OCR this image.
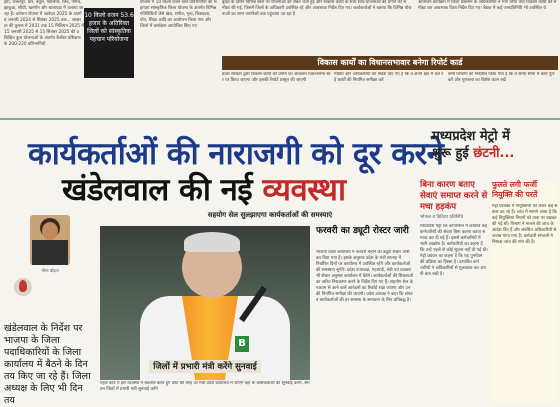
हटी, जबलपुर, धार, बैतूल, ग्वालियर, छिंद, नीमच, झाबुआ, सीधी, खरगोन और बालाघाट में चलाया जा रहा है। वर्तमान योजना में आवेदन 2025 के अंतर्गत जनवरी 2024 से सितंबर 2025 तक... साक्षरता की तुलना में 2031 तक 15 मिलियन 2025 में 15 जनवरी 2025 से 15 सितंबर 2025 की प्रशिक्षित कुल योजनाओं के अंतर्गत कैलेंडर प्रशिक्षण के 200-220 प्रतिभागियों
10 किलो वजन 53.6 हजार के अतिरिक्त जिलों को सांस्कृतिक पहचान परियोजना
योजना में 10 किलो वजन वाले प्रतिभागियों को सहायता सांस्कृतिक जिला योजना के अंतर्गत विभिन्न गतिविधियों जैसे खेल, संगीत, नृत्य, चित्रकला, योग, शिक्षा आदि का आयोजन किया गया और जिलों में कार्यक्रम आयोजित किए गए
बुंदेल के दौरान विभिन्न स्तरों पर योजनाओं को लेकर चर्चा हुई और विकास कार्यों के साथ साथ योजनाओं की प्रगति की समीक्षा की गई, जिसमें जिलों के अधिकारी उपस्थित रहे और आवश्यक निर्देश दिए गए। कार्यकर्ताओं ने बताया कि विभिन्न योजनाओं का लाभ नागरिकों तक पहुंचाया जा रहा है
आयोजन कार्यक्रम में जिला प्रशासन के अधिकारियों ने भाग लिया तथा विकास कार्यों की समीक्षा कर आवश्यक दिशा निर्देश दिए गए। बैठक में कई जनप्रतिनिधि भी उपस्थित थे
विकास कार्यों का विधानसभावार बनेगा रिपोर्ट कार्ड
प्रदेश सरकार द्वारा विकास कार्यों की प्रगति का आकलन विधानसभा स्तर पर किया जाएगा और इसकी रिपोर्ट प्रस्तुत की जाएगी
मंत्रियों और अधिकारियों को निर्देश दिए गए हैं कि वे अपने क्षेत्र में चल रहे कार्यों की नियमित समीक्षा करें
सभी विभागों को निर्देशित किया गया है कि वे समय सीमा में कार्य पूर्ण करें और गुणवत्ता का विशेष ध्यान रखें
कार्यकर्ताओं की नाराजगी को दूर करने
खंडेलवाल की नई व्यवस्था
मध्यप्रदेश मेट्रो में
शुरू हुई छंटनी...
सहयोग सेल सुलझाएगा कार्यकर्ताओं की समस्याएं
भीमा चौहान
खंडेलवाल के निर्देश पर भाजपा के जिला पदाधिकारियों के जिला कार्यालय में बैठने के दिन तय किए जा रहे हैं। जिला अध्यक्ष के लिए भी दिन तय
B
जिलों में प्रभारी मंत्री करेंगे सुनवाई
पहले कोर्ट में इस व्यवस्था में बदलाव करते हुए कोर्ट की तरह जो मंत्री प्रदेश कार्यालय में जाएंगे वहां के कार्यकर्ताओं की सुनवाई करेंगे, संगठन जिलों में प्रभारी मंत्री सुनवाई करेंगे
फरवरी का ड्यूटी रोस्टर जारी
भाजपा प्रदेश कार्यालय में फरवरी महीने का ड्यूटी रोस्टर जारी कर दिया गया है। इसके अनुसार प्रदेश के मंत्री सप्ताह में निर्धारित दिनों पर कार्यालय में उपस्थित रहेंगे और कार्यकर्ताओं की समस्याएं सुनेंगे। प्रदेश उपाध्यक्ष, महामंत्री, मंत्री एवं प्रवक्ता भी रोस्टर अनुसार कार्यालय में बैठेंगे। कार्यकर्ताओं की शिकायतों का त्वरित निराकरण करने के निर्देश दिए गए हैं। सहयोग सेल के माध्यम से आने वाले आवेदनों का रिकॉर्ड रखा जाएगा और उनकी नियमित समीक्षा की जाएगी। प्रदेश अध्यक्ष ने कहा कि संगठन कार्यकर्ताओं की हर समस्या के समाधान के लिए प्रतिबद्ध है।
बिना कारण बताए सेवाएं समाप्त करने से मचा हड़कंप
भोपाल व विदिशा प्रतिनिधि
मध्यप्रदेश मेट्रो रेल कॉर्पोरेशन में कार्यरत कई कर्मचारियों की सेवाएं बिना कारण बताए समाप्त कर दी गई हैं। इससे कर्मचारियों में भारी आक्रोश है। कर्मचारियों का कहना है कि उन्हें पहले से कोई सूचना नहीं दी गई थी। मेट्रो प्रबंधन का कहना है कि यह पुनर्गठन की प्रक्रिया का हिस्सा है। प्रभावित कर्मचारियों ने अधिकारियों से मुलाकात कर अपनी बात रखी है।
फुलते लगी फर्जी नियुक्ति की परतें
मेट्रो प्रोजेक्ट में नियुक्तियों को लेकर कई सवाल उठ रहे हैं। जांच में सामने आया है कि कई नियुक्तियां नियमों को ताक पर रखकर की गई थीं। विभाग ने मामले की जांच के आदेश दिए हैं और संबंधित अधिकारियों से जवाब मांगा गया है। कर्मचारी संगठनों ने निष्पक्ष जांच की मांग की है।
